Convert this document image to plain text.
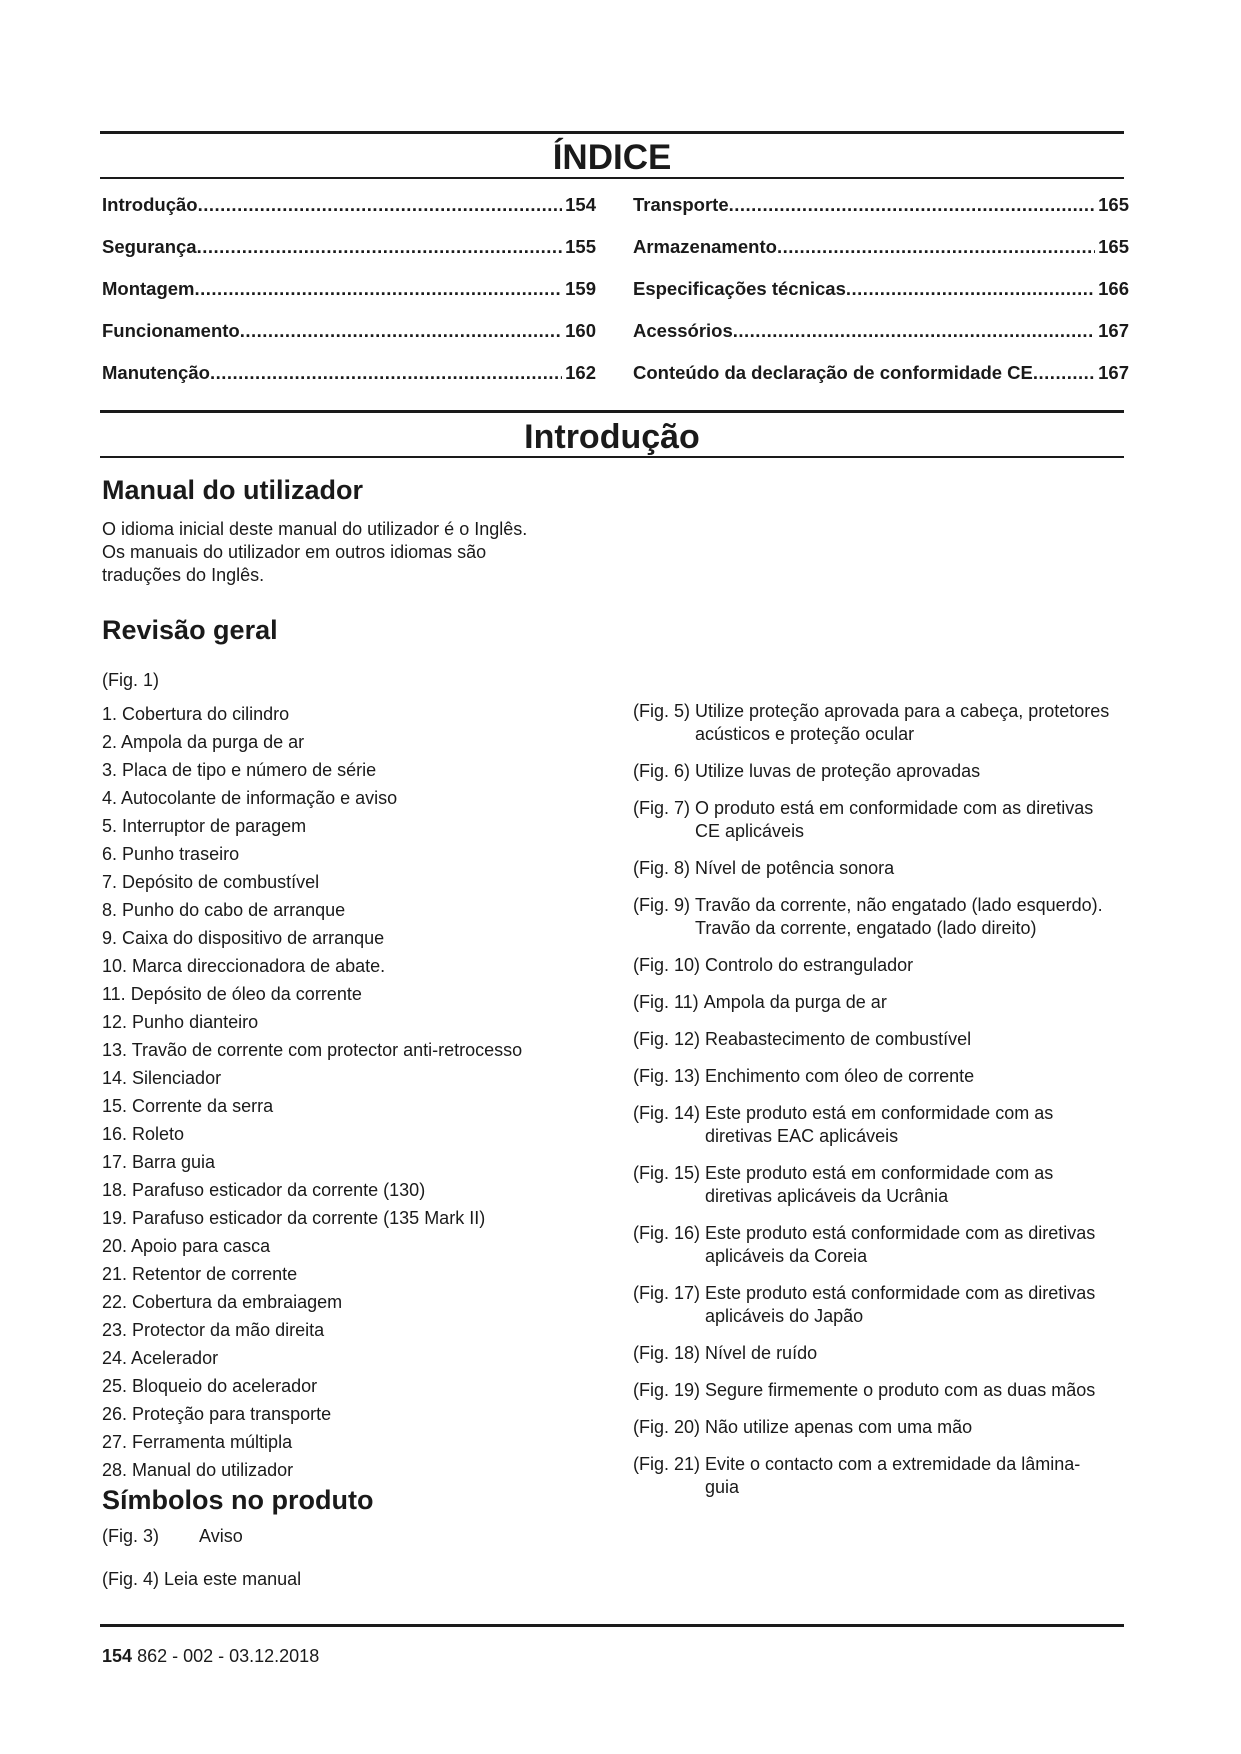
ÍNDICE
Introdução .....	154
Segurança .....	155
Montagem .....	159
Funcionamento .....	160
Manutenção .....	162
Transporte .....	165
Armazenamento .....	165
Especificações técnicas .....	166
Acessórios .....	167
Conteúdo da declaração de conformidade CE .....	167
Introdução
Manual do utilizador

O idioma inicial deste manual do utilizador é o Inglês.

Os manuais do utilizador em outros idiomas são

traduções do Inglês.

Revisão geral
(Fig. 1)
1. Cobertura do cilindro
2. Ampola da purga de ar
3. Placa de tipo e número de série
4. Autocolante de informação e aviso
5. Interruptor de paragem
6. Punho traseiro
7. Depósito de combustível
8. Punho do cabo de arranque
9. Caixa do dispositivo de arranque
10. Marca direccionadora de abate.
11. Depósito de óleo da corrente
12. Punho dianteiro
13. Travão de corrente com protector anti-retrocesso
14. Silenciador
15. Corrente da serra
16. Roleto
17. Barra guia
18. Parafuso esticador da corrente (130)
19. Parafuso esticador da corrente (135 Mark II)
20. Apoio para casca
21. Retentor de corrente
22. Cobertura da embraiagem
23. Protector da mão direita
24. Acelerador
25. Bloqueio do acelerador
26. Proteção para transporte
27. Ferramenta múltipla
28. Manual do utilizador
Símbolos no produto
(Fig. 3) Aviso
(Fig. 4) Leia este manual
(Fig. 5) Utilize proteção aprovada para a cabeça, protetores acústicos e proteção ocular
(Fig. 6) Utilize luvas de proteção aprovadas
(Fig. 7) O produto está em conformidade com as diretivas CE aplicáveis
(Fig. 8) Nível de potência sonora
(Fig. 9) Travão da corrente, não engatado (lado esquerdo). Travão da corrente, engatado (lado direito)
(Fig. 10) Controlo do estrangulador
(Fig. 11) Ampola da purga de ar
(Fig. 12) Reabastecimento de combustível
(Fig. 13) Enchimento com óleo de corrente
(Fig. 14) Este produto está em conformidade com as diretivas EAC aplicáveis
(Fig. 15) Este produto está em conformidade com as diretivas aplicáveis da Ucrânia
(Fig. 16) Este produto está conformidade com as diretivas aplicáveis da Coreia
(Fig. 17) Este produto está conformidade com as diretivas aplicáveis do Japão
(Fig. 18) Nível de ruído
(Fig. 19) Segure firmemente o produto com as duas mãos
(Fig. 20) Não utilize apenas com uma mão
(Fig. 21) Evite o contacto com a extremidade da lâmina-guia
154 862 - 002 - 03.12.2018
